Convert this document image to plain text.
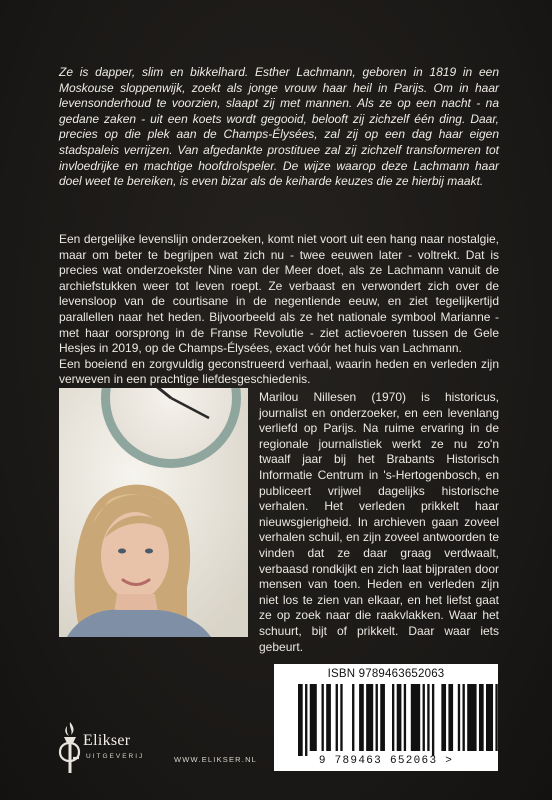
Ze is dapper, slim en bikkelhard. Esther Lachmann, geboren in 1819 in een Moskouse sloppenwijk, zoekt als jonge vrouw haar heil in Parijs. Om in haar levensonderhoud te voorzien, slaapt zij met mannen. Als ze op een nacht - na gedane zaken - uit een koets wordt gegooid, belooft zij zichzelf één ding. Daar, precies op die plek aan de Champs-Élysées, zal zij op een dag haar eigen stadspaleis verrijzen. Van afgedankte prostituee zal zij zichzelf transformeren tot invloedrijke en machtige hoofdrolspeler. De wijze waarop deze Lachmann haar doel weet te bereiken, is even bizar als de keiharde keuzes die ze hierbij maakt.

Een dergelijke levenslijn onderzoeken, komt niet voort uit een hang naar nostalgie, maar om beter te begrijpen wat zich nu - twee eeuwen later - voltrekt. Dat is precies wat onderzoekster Nine van der Meer doet, als ze Lachmann vanuit de archiefstukken weer tot leven roept. Ze verbaast en verwondert zich over de levensloop van de courtisane in de negentiende eeuw, en ziet tegelijkertijd parallellen naar het heden. Bijvoorbeeld als ze het nationale symbool Marianne - met haar oorsprong in de Franse Revolutie - ziet actievoeren tussen de Gele Hesjes in 2019, op de Champs-Élysées, exact vóór het huis van Lachmann.

Een boeiend en zorgvuldig geconstrueerd verhaal, waarin heden en verleden zijn verweven in een prachtige liefdesgeschiedenis.

Marilou Nillesen (1970) is historicus, journalist en onderzoeker, en een levenlang verliefd op Parijs. Na ruime ervaring in de regionale journalistiek werkt ze nu zo'n twaalf jaar bij het Brabants Historisch Informatie Centrum in 's-Hertogenbosch, en publiceert vrijwel dagelijks historische verhalen. Het verleden prikkelt haar nieuwsgierigheid. In archieven gaan zoveel verhalen schuil, en zijn zoveel antwoorden te vinden dat ze daar graag verdwaalt, verbaasd rondkijkt en zich laat bijpraten door mensen van toen. Heden en verleden zijn niet los te zien van elkaar, en het liefst gaat ze op zoek naar die raakvlakken. Waar het schuurt, bijt of prikkelt. Daar waar iets gebeurt.

ISBN 9789463652063
9 789463 652063 >
Elikser
UITGEVERIJ	WWW.ELIKSER.NL
